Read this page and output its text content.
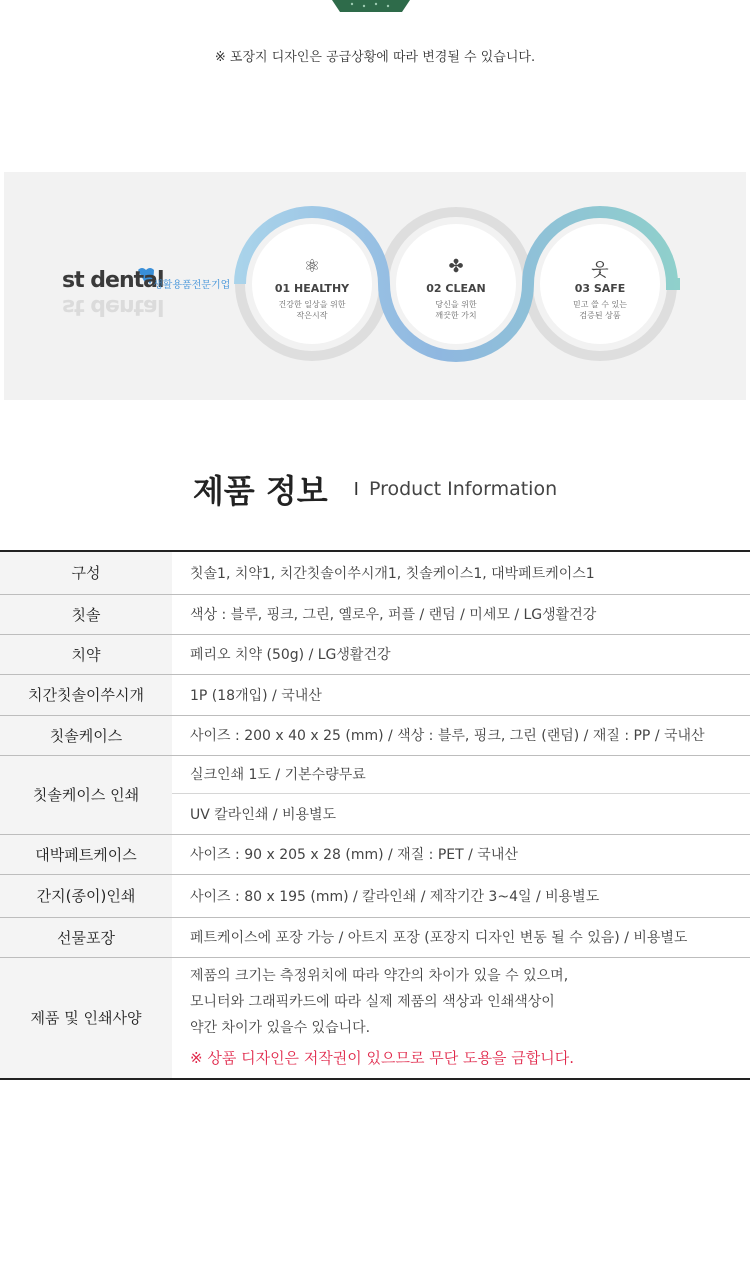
※ 포장지 디자인은 공급상황에 따라 변경될 수 있습니다.
st dental
생활용품전문기업
st dental
⚛
01 HEALTHY
건강한 일상을 위한
작은시작
✤
02 CLEAN
당신을 위한
깨끗한 가치
웃
03 SAFE
믿고 쓸 수 있는
검증된 상품
제품 정보 I Product Information
구성	칫솔1, 치약1, 치간칫솔이쑤시개1, 칫솔케이스1, 대박페트케이스1
칫솔	색상 : 블루, 핑크, 그린, 옐로우, 퍼플 / 랜덤 / 미세모 / LG생활건강
치약	페리오 치약 (50g) / LG생활건강
치간칫솔이쑤시개	1P (18개입) / 국내산
칫솔케이스	사이즈 : 200 x 40 x 25 (mm) / 색상 : 블루, 핑크, 그린 (랜덤) / 재질 : PP / 국내산
칫솔케이스 인쇄	실크인쇄 1도 / 기본수량무료
	UV 칼라인쇄 / 비용별도
대박페트케이스	사이즈 : 90 x 205 x 28 (mm) / 재질 : PET / 국내산
간지(종이)인쇄	사이즈 : 80 x 195 (mm) / 칼라인쇄 / 제작기간 3~4일 / 비용별도
선물포장	페트케이스에 포장 가능 / 아트지 포장 (포장지 디자인 변동 될 수 있음) / 비용별도
제품 및 인쇄사양	제품의 크기는 측정위치에 따라 약간의 차이가 있을 수 있으며,
모니터와 그래픽카드에 따라 실제 제품의 색상과 인쇄색상이
약간 차이가 있을수 있습니다.
※ 상품 디자인은 저작권이 있으므로 무단 도용을 금합니다.
